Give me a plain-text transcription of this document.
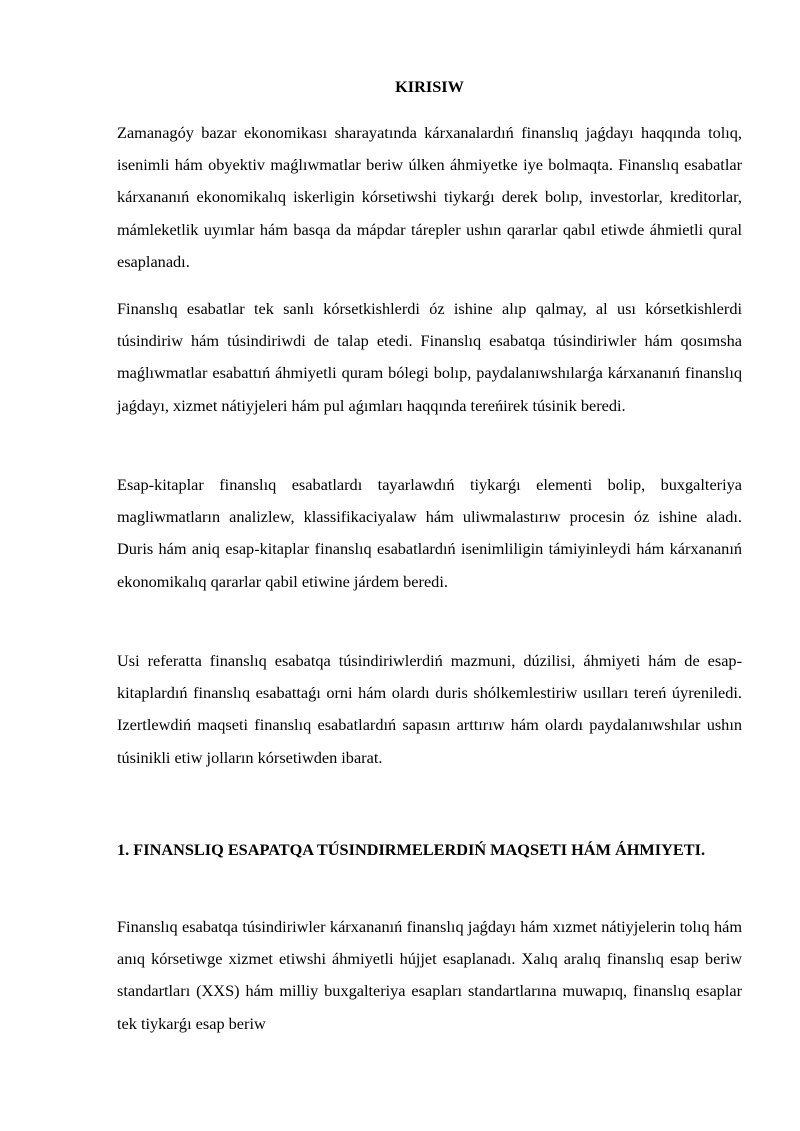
KIRISIW

Zamanagóy bazar ekonomikası sharayatında kárxanalardıń finanslıq jaǵdayı haqqında tolıq, isenimli hám obyektiv maǵlıwmatlar beriw úlken áhmiyetke iye bolmaqta. Finanslıq esabatlar kárxananıń ekonomikalıq iskerligin kórsetiwshi tiykarǵı derek bolıp, investorlar, kreditorlar, mámleketlik uyımlar hám basqa da mápdar tárepler ushın qararlar qabıl etiwde áhmietli qural esaplanadı.

Finanslıq esabatlar tek sanlı kórsetkishlerdi óz ishine alıp qalmay, al usı kórsetkishlerdi túsindiriw hám túsindiriwdi de talap etedi. Finanslıq esabatqa túsindiriwler hám qosımsha maǵlıwmatlar esabattıń áhmiyetli quram bólegi bolıp, paydalanıwshılarǵa kárxananıń finanslıq jaǵdayı, xizmet nátiyjeleri hám pul aǵımları haqqında tereńirek túsinik beredi.

Esap-kitaplar finanslıq esabatlardı tayarlawdıń tiykarǵı elementi bolip, buxgalteriya magliwmatların analizlew, klassifikaciyalaw hám uliwmalastırıw procesin óz ishine aladı. Duris hám aniq esap-kitaplar finanslıq esabatlardıń isenimliligin támiyinleydi hám kárxananıń ekonomikalıq qararlar qabil etiwine járdem beredi.

Usi referatta finanslıq esabatqa túsindiriwlerdiń mazmuni, dúzilisi, áhmiyeti hám de esap-kitaplardıń finanslıq esabattaǵı orni hám olardı duris shólkemlestiriw usılları tereń úyreniledi. Izertlewdiń maqseti finanslıq esabatlardıń sapasın arttırıw hám olardı paydalanıwshılar ushın túsinikli etiw jolların kórsetiwden ibarat.

1. FINANSLIQ ESAPATQA TÚSINDIRMELERDIŃ MAQSETI HÁM ÁHMIYETI.

Finanslıq esabatqa túsindiriwler kárxananıń finanslıq jaǵdayı hám xızmet nátiyjelerin tolıq hám anıq kórsetiwge xizmet etiwshi áhmiyetli hújjet esaplanadı. Xalıq aralıq finanslıq esap beriw standartları (XXS) hám milliy buxgalteriya esapları standartlarına muwapıq, finanslıq esaplar tek tiykarǵı esap beriw
